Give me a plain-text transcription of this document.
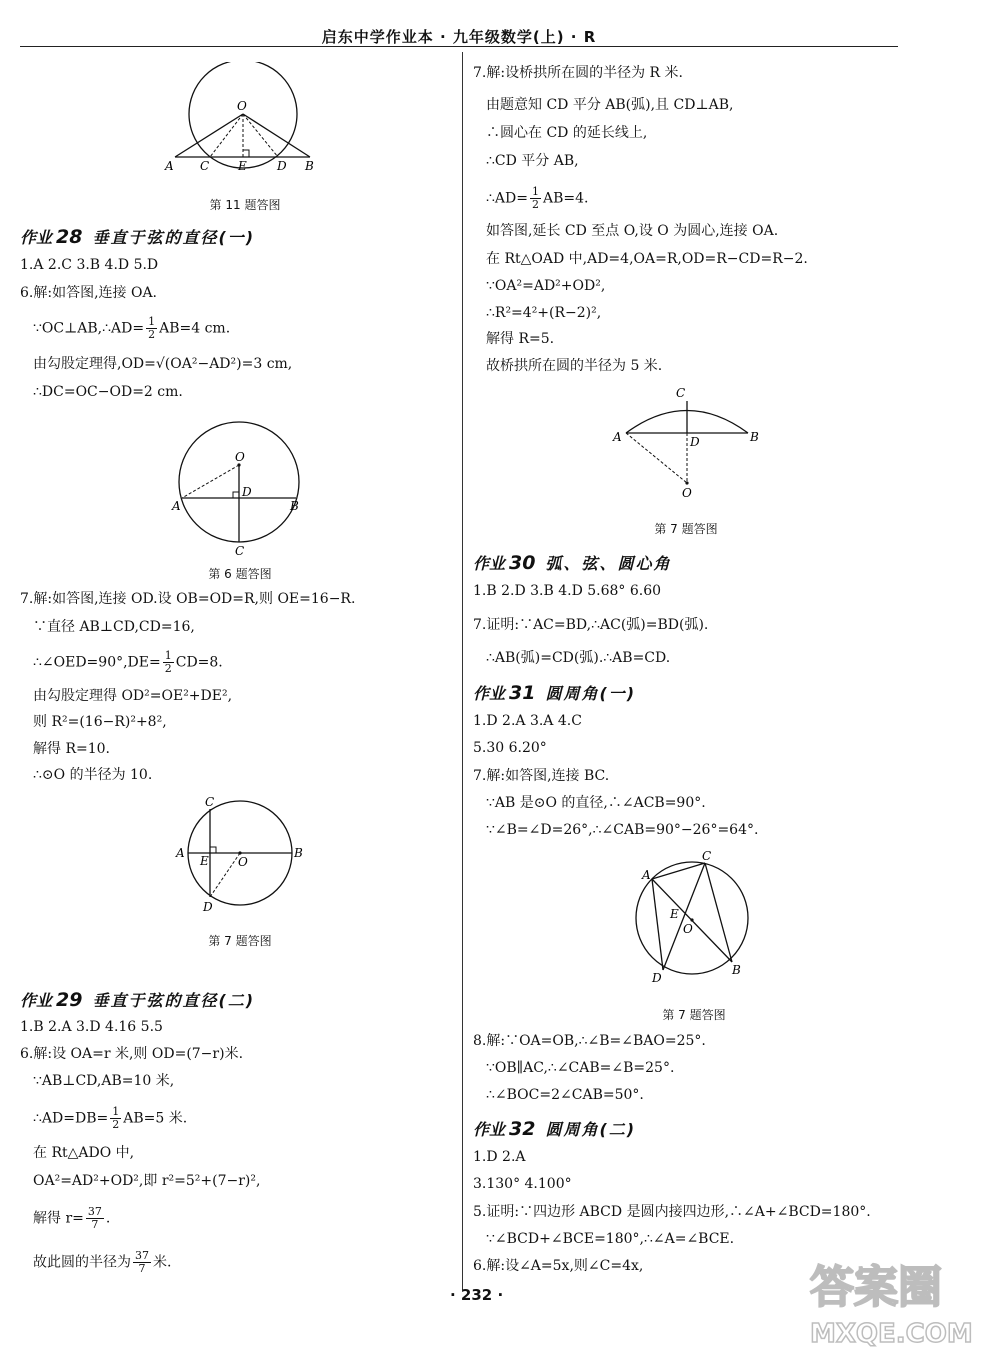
启东中学作业本 · 九年级数学(上) · R
O
A C E	D B
第 11 题答图
作业 28 垂直于弦的直径(一)
1.A 2.C 3.B 4.D 5.D
6.解:如答图,连接 OA.
∵OC⊥AB,∴AD= $\frac{1}{2} AB=4$ cm.
由勾股定理得,OD=√(OA²−AD²)=3 cm,
∴DC=OC−OD=2 cm.
O
A
D
B
C
第 6 题答图
7.解:如答图,连接 OD.设 OB=OD=R,则 OE=16−R.
∵直径 AB⊥CD,CD=16,
∴∠OED=90°,DE= $\frac{1}{2} CD=8$.
由勾股定理得 OD²=OE²+DE²,
则 R²=(16−R)²+8²,
解得 R=10.
∴⊙O 的半径为 10.
C
A
E O
B
D
第 7 题答图
作业 29 垂直于弦的直径(二)
1.B 2.A 3.D 4.16 5.5
6.解:设 OA=r 米,则 OD=(7−r)米.
∵AB⊥CD,AB=10 米,
∴AD=DB= $\frac{1}{2} AB=5$ 米.
在 Rt△ADO 中,
OA²=AD²+OD²,即 r²=5²+(7−r)²,
解得 $r= \frac{37}{7}$ .
故此圆的半径为 $\frac{37}{7}$ 米.
7.解:设桥拱所在圆的半径为 R 米.
由题意知 CD 平分 AB(弧),且 CD⊥AB,
∴圆心在 CD 的延长线上,
∴CD 平分 AB,
∴AD= $\frac{1}{2} AB=4$.
如答图,延长 CD 至点 O,设 O 为圆心,连接 OA.
在 Rt△OAD 中,AD=4,OA=R,OD=R−CD=R−2.
∵OA²=AD²+OD²,
∴R²=4²+(R−2)²,
解得 R=5.
故桥拱所在圆的半径为 5 米.
C
A	D	B
O
第 7 题答图
作业 30 弧、弦、圆心角
1.B 2.D 3.B 4.D 5.68° 6.60
7.证明:∵AC=BD,∴AC(弧)=BD(弧).
∴AB(弧)=CD(弧).∴AB=CD.
作业 31 圆周角(一)
1.D 2.A 3.A 4.C
5.30 6.20°
7.解:如答图,连接 BC.
∵AB 是⊙O 的直径,∴∠ACB=90°.
∵∠B=∠D=26°,∴∠CAB=90°−26°=64°.
C
A
E
O
D
B
第 7 题答图
8.解:∵OA=OB,∴∠B=∠BAO=25°.
∵OB∥AC,∴∠CAB=∠B=25°.
∴∠BOC=2∠CAB=50°.
作业 32 圆周角(二)
1.D 2.A
3.130° 4.100°
5.证明:∵四边形 ABCD 是圆内接四边形,∴∠A+∠BCD=180°.
∵∠BCD+∠BCE=180°,∴∠A=∠BCE.
6.解:设∠A=5x,则∠C=4x,
· 232 ·	答案圈
MXQE.COM
